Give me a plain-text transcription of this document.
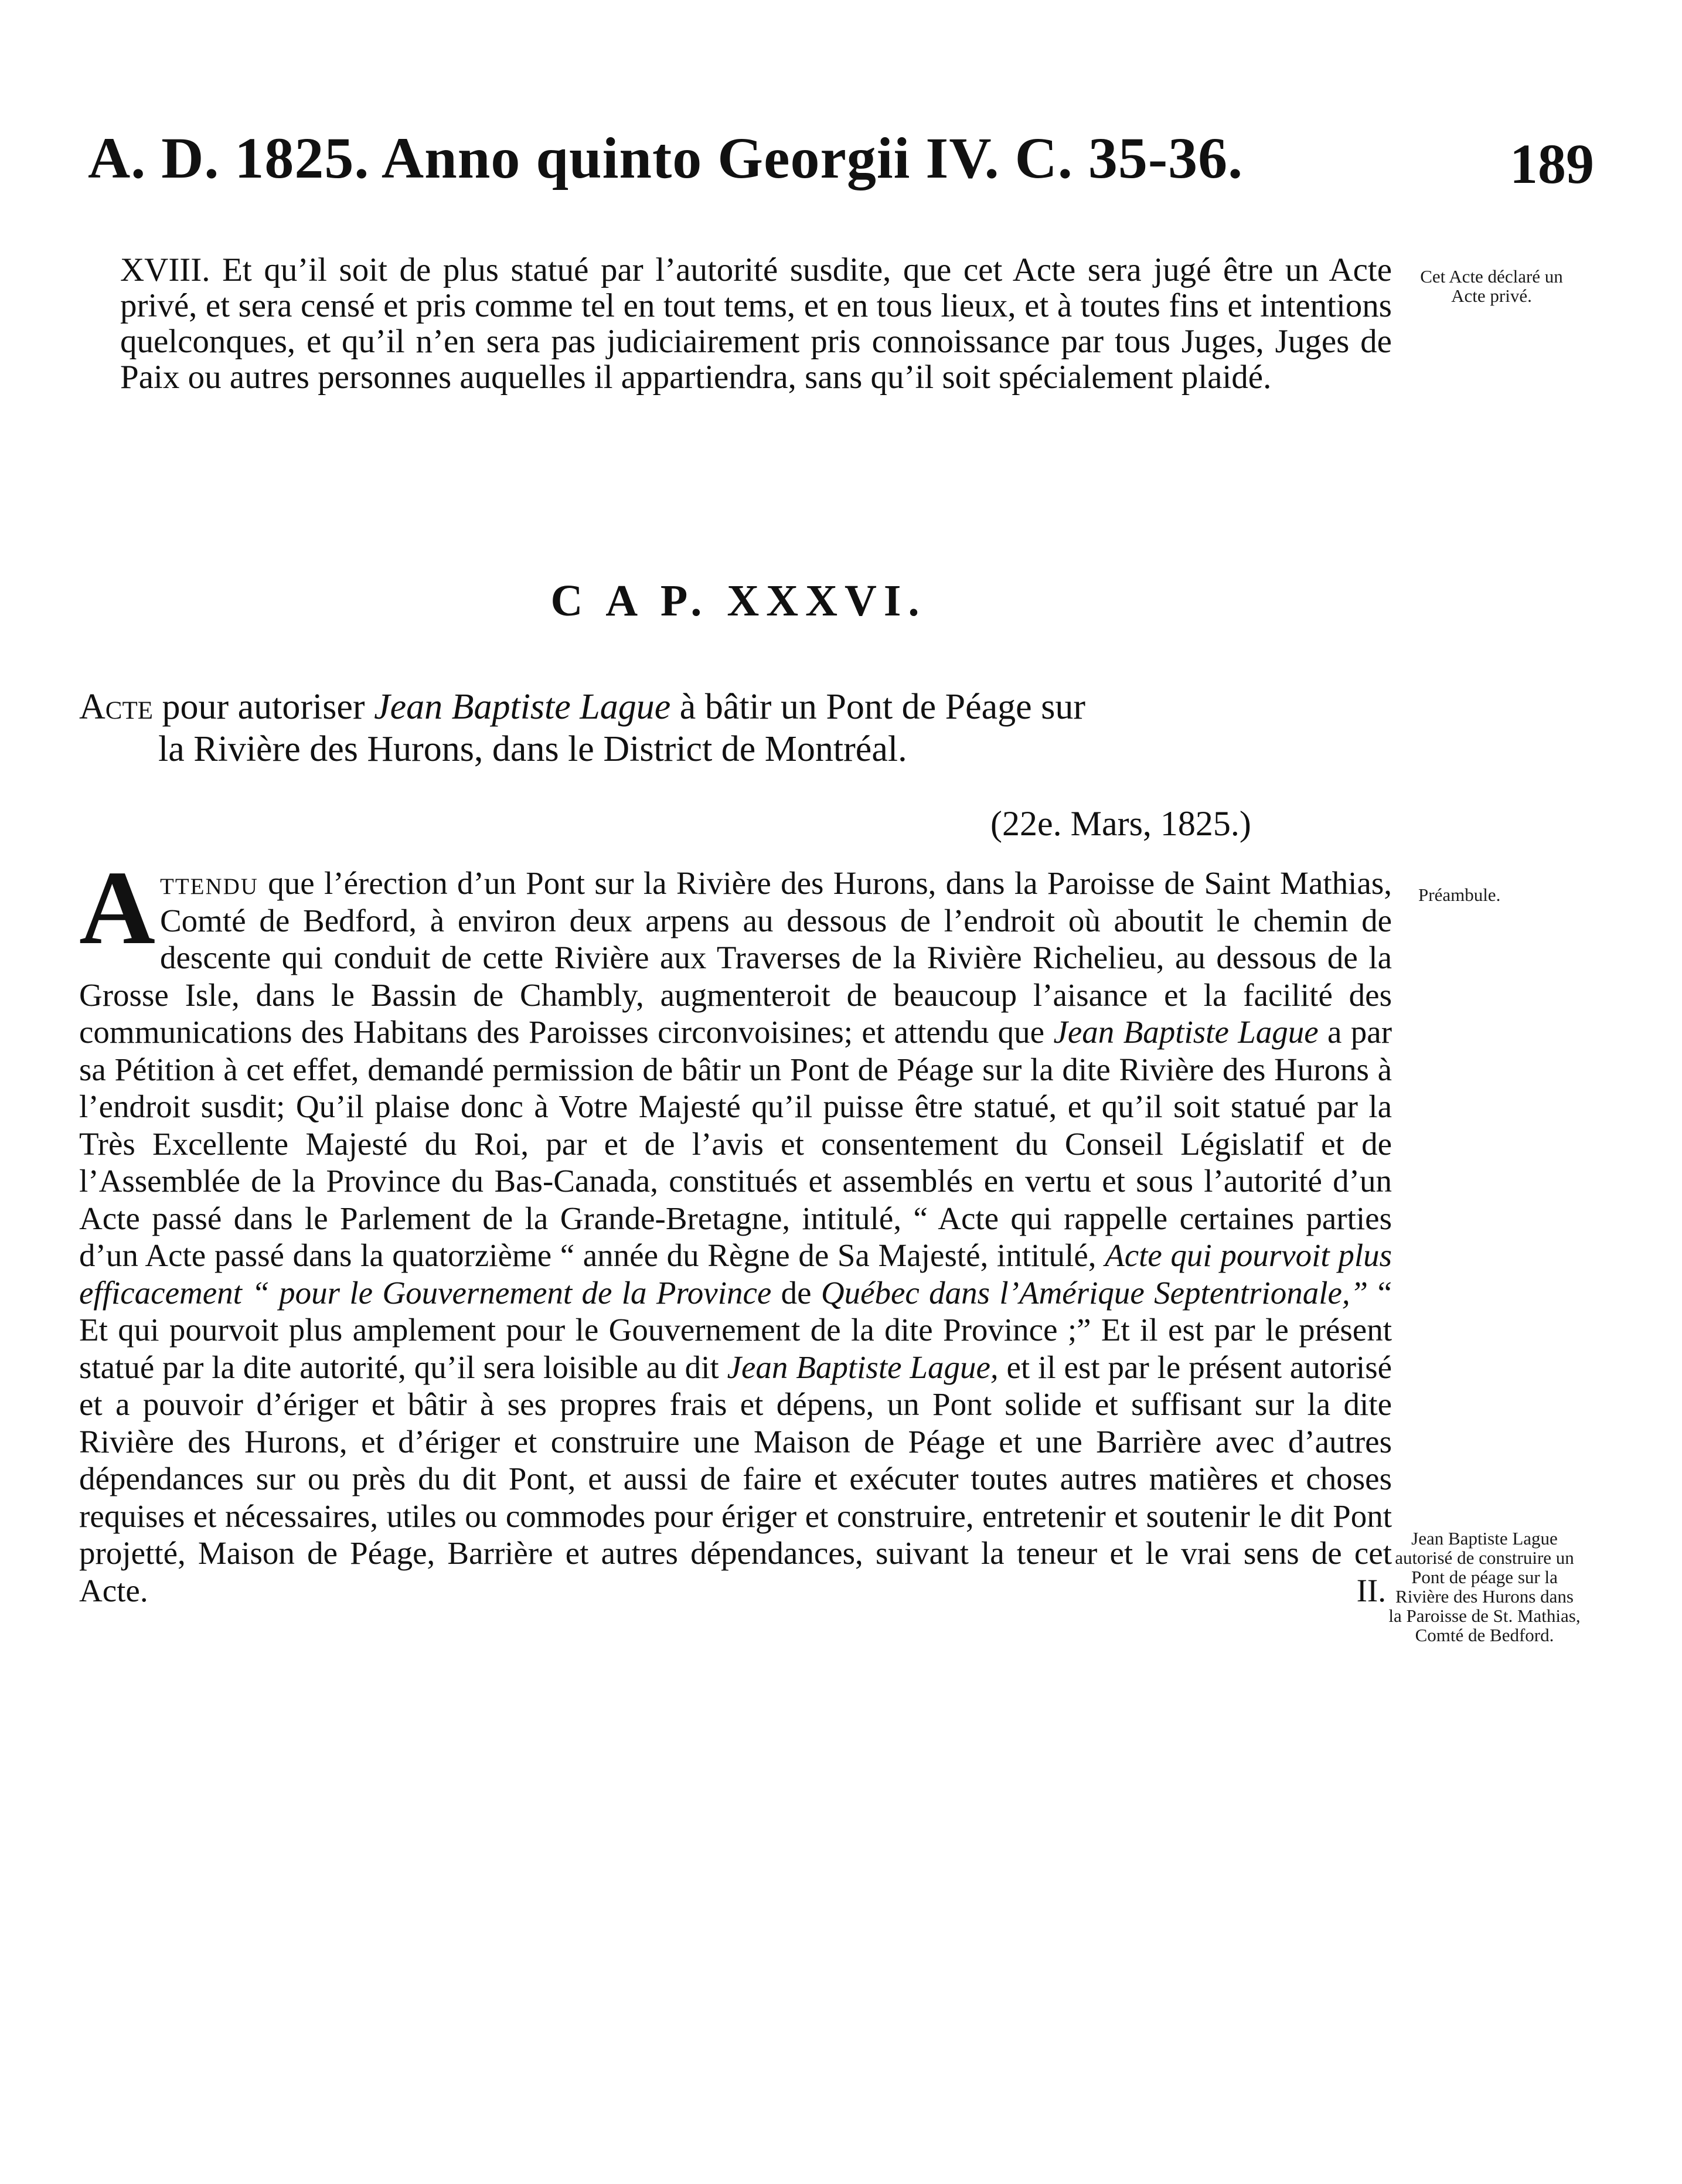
A. D. 1825. Anno quinto Georgii IV. C. 35-36.	189
XVIII. Et qu’il soit de plus statué par l’autorité susdite, que cet Acte sera jugé être un Acte privé, et sera censé et pris comme tel en tout tems, et en tous lieux, et à toutes fins et intentions quelconques, et qu’il n’en sera pas judiciairement pris connoissance par tous Juges, Juges de Paix ou autres personnes auquelles il appartiendra, sans qu’il soit spécialement plaidé.
Cet Acte déclaré un Acte privé.
C A P. XXXVI.
Acte pour autoriser Jean Baptiste Lague à bâtir un Pont de Péage sur
la Rivière des Hurons, dans le District de Montréal.
(22e. Mars, 1825.)
A ttendu que l’érection d’un Pont sur la Rivière des Hurons, dans la Paroisse de Saint Mathias, Comté de Bedford, à environ deux arpens au dessous de l’endroit où aboutit le chemin de descente qui conduit de cette Rivière aux Traverses de la Rivière Richelieu, au dessous de la Grosse Isle, dans le Bassin de Chambly, augmenteroit de beaucoup l’aisance et la facilité des communications des Habitans des Paroisses circonvoisines; et attendu que Jean Baptiste Lague a par sa Pétition à cet effet, demandé permission de bâtir un Pont de Péage sur la dite Rivière des Hurons à l’endroit susdit; Qu’il plaise donc à Votre Majesté qu’il puisse être statué, et qu’il soit statué par la Très Excellente Majesté du Roi, par et de l’avis et consentement du Conseil Législatif et de l’Assemblée de la Province du Bas-Canada, constitués et assemblés en vertu et sous l’autorité d’un Acte passé dans le Parlement de la Grande-Bretagne, intitulé, “ Acte qui rappelle certaines parties d’un Acte passé dans la quatorzième “ année du Règne de Sa Majesté, intitulé, Acte qui pourvoit plus efficacement “ pour le Gouvernement de la Province de Québec dans l’Amérique Septentrionale,” “ Et qui pourvoit plus amplement pour le Gouvernement de la dite Province ;” Et il est par le présent statué par la dite autorité, qu’il sera loisible au dit Jean Baptiste Lague, et il est par le présent autorisé et a pouvoir d’ériger et bâtir à ses propres frais et dépens, un Pont solide et suffisant sur la dite Rivière des Hurons, et d’ériger et construire une Maison de Péage et une Barrière avec d’autres dépendances sur ou près du dit Pont, et aussi de faire et exécuter toutes autres matières et choses requises et nécessaires, utiles ou commodes pour ériger et construire, entretenir et soutenir le dit Pont projetté, Maison de Péage, Barrière et autres dépendances, suivant la teneur et le vrai sens de cet Acte.	II.
Préambule.
Jean Baptiste Lague autorisé de construire un Pont de péage sur la Rivière des Hurons dans la Paroisse de St. Mathias, Comté de Bedford.
